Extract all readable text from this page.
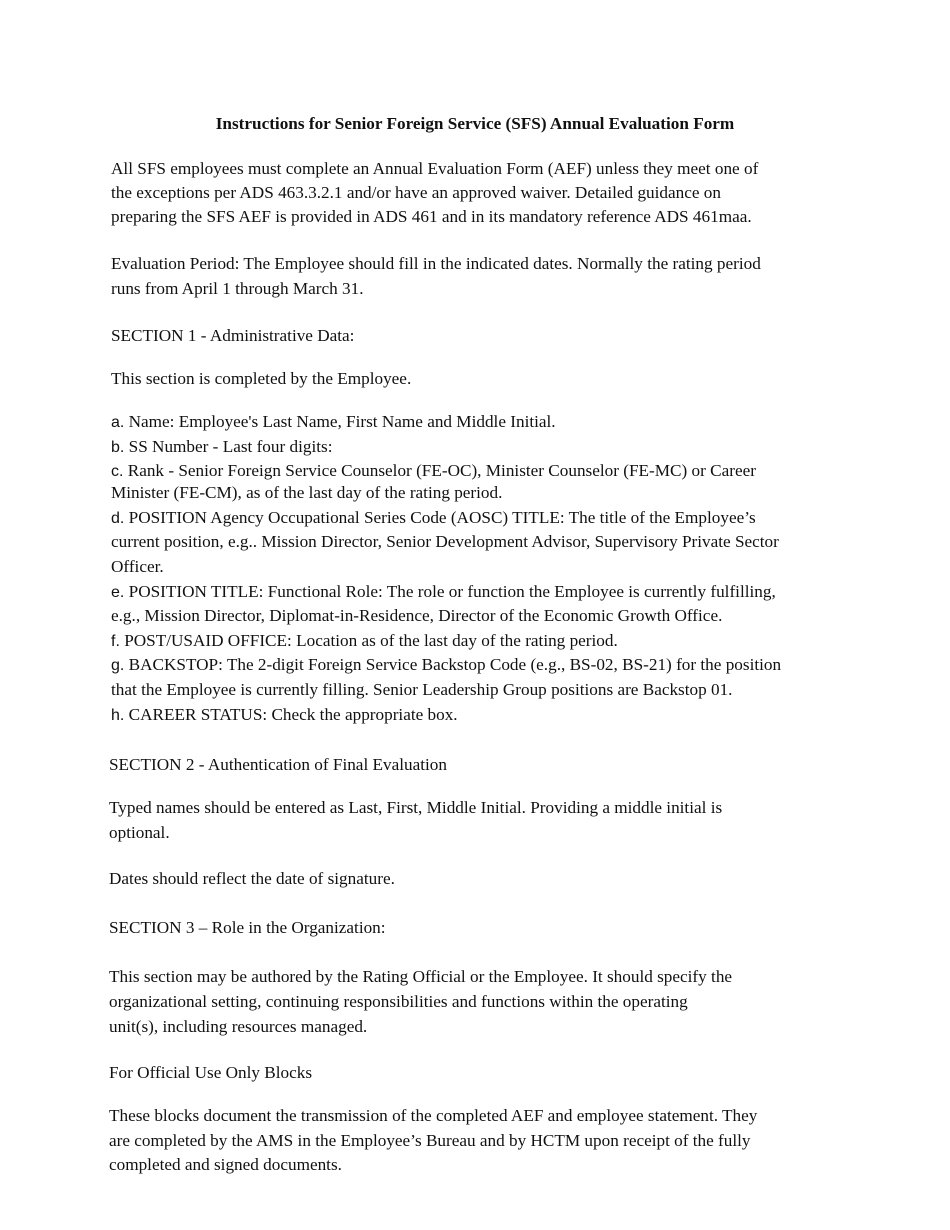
Instructions for Senior Foreign Service (SFS) Annual Evaluation Form
All SFS employees must complete an Annual Evaluation Form (AEF) unless they meet one of
the exceptions per ADS 463.3.2.1 and/or have an approved waiver. Detailed guidance on
preparing the SFS AEF is provided in ADS 461 and in its mandatory reference ADS 461maa.
Evaluation Period: The Employee should fill in the indicated dates. Normally the rating period
runs from April 1 through March 31.
SECTION 1 - Administrative Data:
This section is completed by the Employee.
a. Name: Employee's Last Name, First Name and Middle Initial.
b. SS Number - Last four digits:
c. Rank - Senior Foreign Service Counselor (FE-OC), Minister Counselor (FE-MC) or Career
Minister (FE-CM), as of the last day of the rating period.
d. POSITION Agency Occupational Series Code (AOSC) TITLE: The title of the Employee’s
current position, e.g.. Mission Director, Senior Development Advisor, Supervisory Private Sector
Officer.
e. POSITION TITLE: Functional Role: The role or function the Employee is currently fulfilling,
e.g., Mission Director, Diplomat-in-Residence, Director of the Economic Growth Office.
f. POST/USAID OFFICE: Location as of the last day of the rating period.
g. BACKSTOP: The 2-digit Foreign Service Backstop Code (e.g., BS-02, BS-21) for the position
that the Employee is currently filling. Senior Leadership Group positions are Backstop 01.
h. CAREER STATUS: Check the appropriate box.
SECTION 2 - Authentication of Final Evaluation
Typed names should be entered as Last, First, Middle Initial. Providing a middle initial is
optional.
Dates should reflect the date of signature.
SECTION 3 – Role in the Organization:
This section may be authored by the Rating Official or the Employee. It should specify the
organizational setting, continuing responsibilities and functions within the operating
unit(s), including resources managed.
For Official Use Only Blocks
These blocks document the transmission of the completed AEF and employee statement. They
are completed by the AMS in the Employee’s Bureau and by HCTM upon receipt of the fully
completed and signed documents.
